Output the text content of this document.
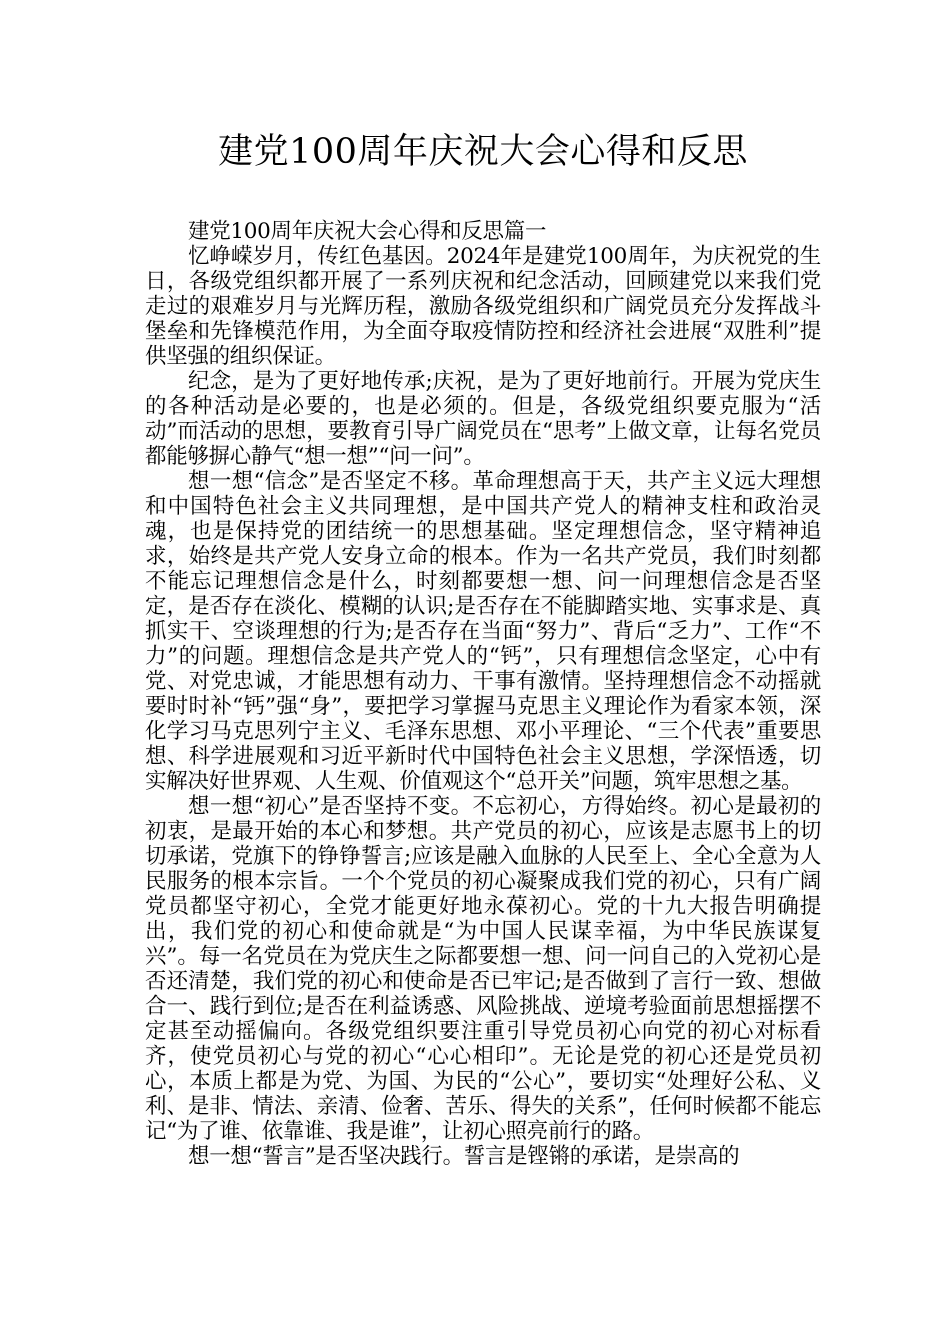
建党100周年庆祝大会心得和反思

建党100周年庆祝大会心得和反思篇一

忆峥嵘岁月，传红色基因。2024年是建党100周年，为庆祝党的生日，各级党组织都开展了一系列庆祝和纪念活动，回顾建党以来我们党走过的艰难岁月与光辉历程，激励各级党组织和广阔党员充分发挥战斗堡垒和先锋模范作用，为全面夺取疫情防控和经济社会进展“双胜利”提供坚强的组织保证。

纪念，是为了更好地传承;庆祝，是为了更好地前行。开展为党庆生的各种活动是必要的，也是必须的。但是，各级党组织要克服为“活动”而活动的思想，要教育引导广阔党员在“思考”上做文章，让每名党员都能够摒心静气“想一想”“问一问”。

想一想“信念”是否坚定不移。革命理想高于天，共产主义远大理想和中国特色社会主义共同理想，是中国共产党人的精神支柱和政治灵魂，也是保持党的团结统一的思想基础。坚定理想信念，坚守精神追求，始终是共产党人安身立命的根本。作为一名共产党员，我们时刻都不能忘记理想信念是什么，时刻都要想一想、问一问理想信念是否坚定，是否存在淡化、模糊的认识;是否存在不能脚踏实地、实事求是、真抓实干、空谈理想的行为;是否存在当面“努力”、背后“乏力”、工作“不力”的问题。理想信念是共产党人的“钙”，只有理想信念坚定，心中有党、对党忠诚，才能思想有动力、干事有激情。坚持理想信念不动摇就要时时补“钙”强“身”，要把学习掌握马克思主义理论作为看家本领，深化学习马克思列宁主义、毛泽东思想、邓小平理论、“三个代表”重要思想、科学进展观和习近平新时代中国特色社会主义思想，学深悟透，切实解决好世界观、人生观、价值观这个“总开关”问题，筑牢思想之基。

想一想“初心”是否坚持不变。不忘初心，方得始终。初心是最初的初衷，是最开始的本心和梦想。共产党员的初心，应该是志愿书上的切切承诺，党旗下的铮铮誓言;应该是融入血脉的人民至上、全心全意为人民服务的根本宗旨。一个个党员的初心凝聚成我们党的初心，只有广阔党员都坚守初心，全党才能更好地永葆初心。党的十九大报告明确提出，我们党的初心和使命就是“为中国人民谋幸福，为中华民族谋复兴”。每一名党员在为党庆生之际都要想一想、问一问自己的入党初心是否还清楚，我们党的初心和使命是否已牢记;是否做到了言行一致、想做合一、践行到位;是否在利益诱惑、风险挑战、逆境考验面前思想摇摆不定甚至动摇偏向。各级党组织要注重引导党员初心向党的初心对标看齐，使党员初心与党的初心“心心相印”。无论是党的初心还是党员初心，本质上都是为党、为国、为民的“公心”，要切实“处理好公私、义利、是非、情法、亲清、俭奢、苦乐、得失的关系”，任何时候都不能忘记“为了谁、依靠谁、我是谁”，让初心照亮前行的路。

想一想“誓言”是否坚决践行。誓言是铿锵的承诺，是崇高的
